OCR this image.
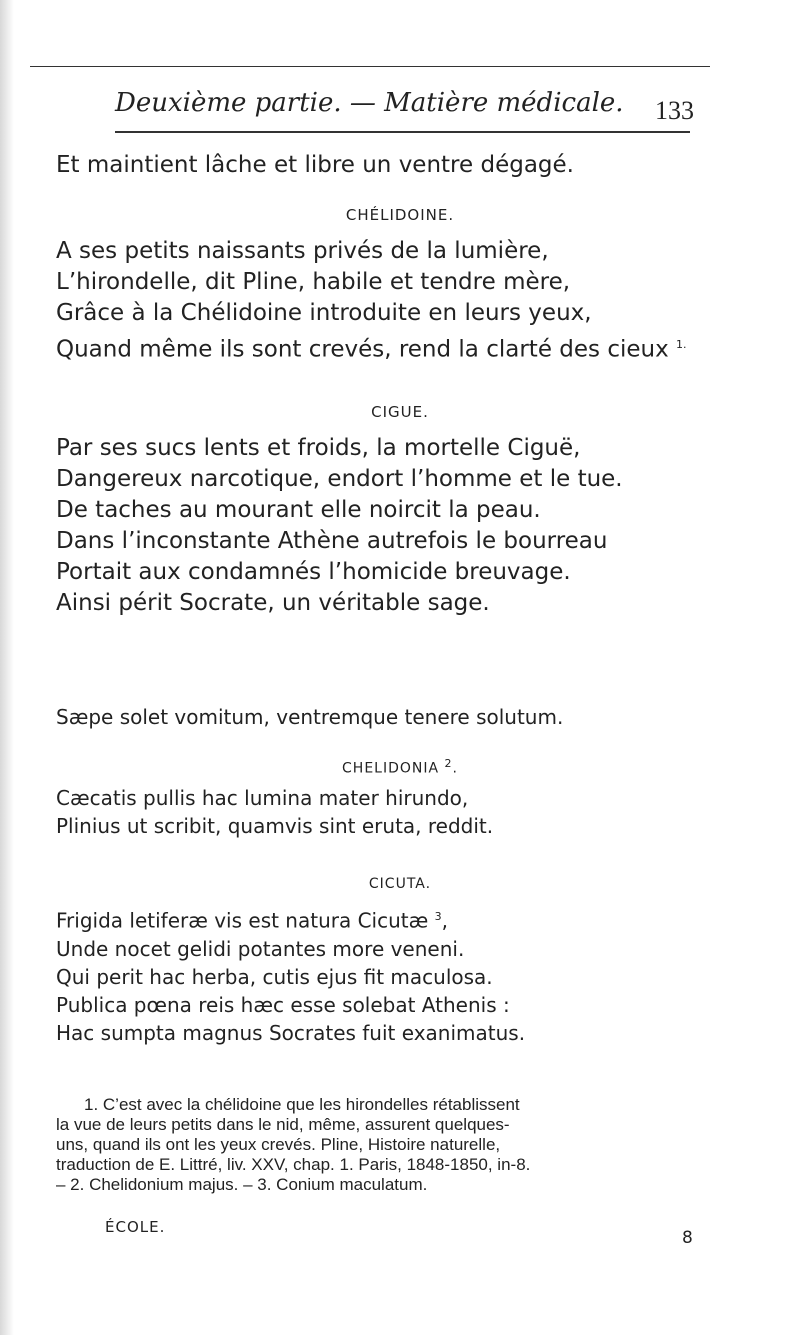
Deuxième partie. — Matière médicale.	133
Et maintient lâche et libre un ventre dégagé.
CHÉLIDOINE.
A ses petits naissants privés de la lumière,
L’hirondelle, dit Pline, habile et tendre mère,
Grâce à la Chélidoine introduite en leurs yeux,
Quand même ils sont crevés, rend la clarté des cieux $^{1.}$
CIGUE.
Par ses sucs lents et froids, la mortelle Ciguë,
Dangereux narcotique, endort l’homme et le tue.
De taches au mourant elle noircit la peau.
Dans l’inconstante Athène autrefois le bourreau
Portait aux condamnés l’homicide breuvage.
Ainsi périt Socrate, un véritable sage.
Sæpe solet vomitum, ventremque tenere solutum.
CHELIDONIA $^2$.
Cæcatis pullis hac lumina mater hirundo,
Plinius ut scribit, quamvis sint eruta, reddit.
CICUTA.
Frigida letiferæ vis est natura Cicutæ $^3$,
Unde nocet gelidi potantes more veneni.
Qui perit hac herba, cutis ejus fit maculosa.
Publica pœna reis hæc esse solebat Athenis :
Hac sumpta magnus Socrates fuit exanimatus.
1. C’est avec la chélidoine que les hirondelles rétablissent
la vue de leurs petits dans le nid, même, assurent quelques-
uns, quand ils ont les yeux crevés. Pline, Histoire naturelle,
traduction de E. Littré, liv. XXV, chap. 1. Paris, 1848-1850, in-8.
– 2. Chelidonium majus. – 3. Conium maculatum.
ÉCOLE.
8
